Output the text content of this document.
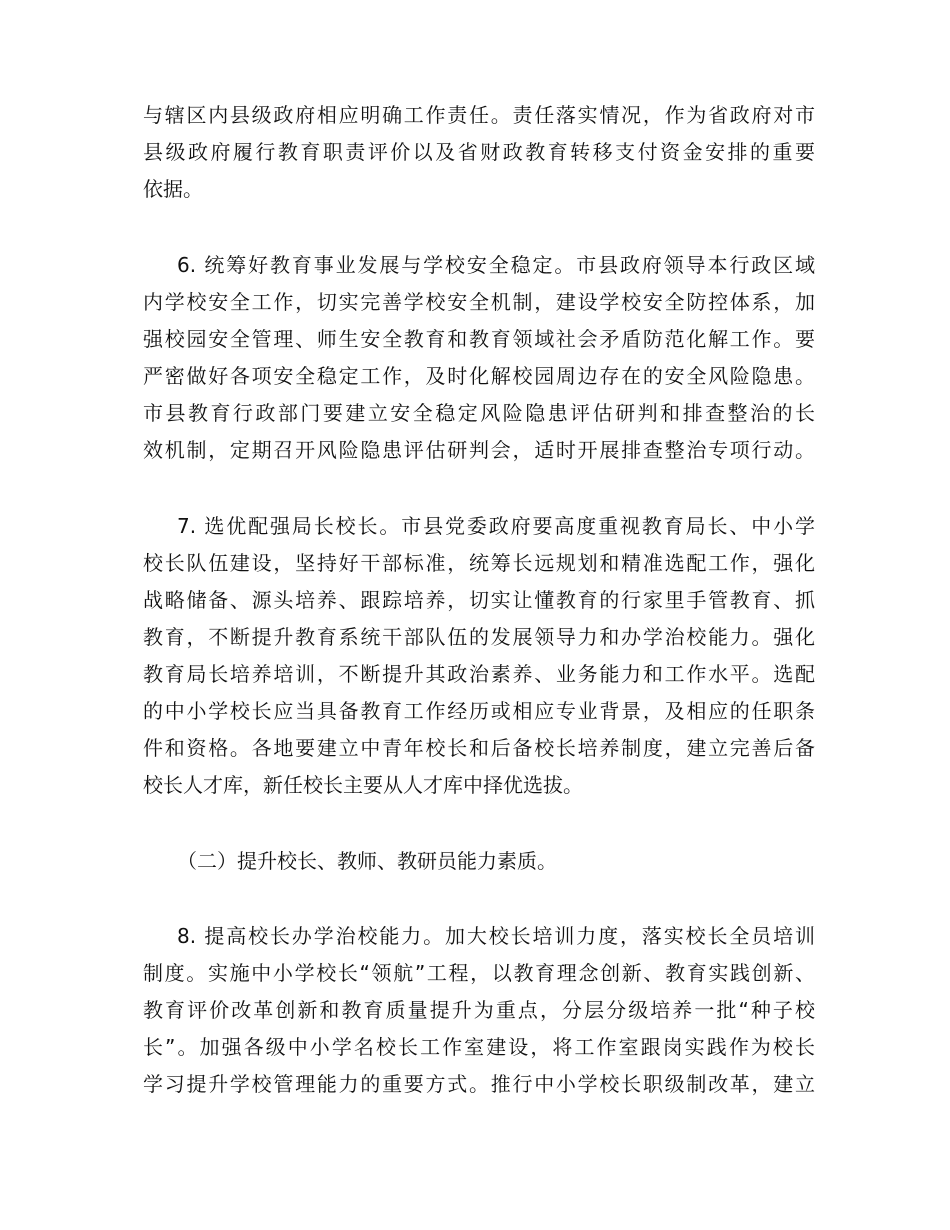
与辖区内县级政府相应明确工作责任。责任落实情况，作为省政府对市
县级政府履行教育职责评价以及省财政教育转移支付资金安排的重要
依据。
6. 统筹好教育事业发展与学校安全稳定。市县政府领导本行政区域
内学校安全工作，切实完善学校安全机制，建设学校安全防控体系，加
强校园安全管理、师生安全教育和教育领域社会矛盾防范化解工作。要
严密做好各项安全稳定工作，及时化解校园周边存在的安全风险隐患。
市县教育行政部门要建立安全稳定风险隐患评估研判和排查整治的长
效机制，定期召开风险隐患评估研判会，适时开展排查整治专项行动。
7. 选优配强局长校长。市县党委政府要高度重视教育局长、中小学
校长队伍建设，坚持好干部标准，统筹长远规划和精准选配工作，强化
战略储备、源头培养、跟踪培养，切实让懂教育的行家里手管教育、抓
教育，不断提升教育系统干部队伍的发展领导力和办学治校能力。强化
教育局长培养培训，不断提升其政治素养、业务能力和工作水平。选配
的中小学校长应当具备教育工作经历或相应专业背景，及相应的任职条
件和资格。各地要建立中青年校长和后备校长培养制度，建立完善后备
校长人才库，新任校长主要从人才库中择优选拔。
（二）提升校长、教师、教研员能力素质。
8. 提高校长办学治校能力。加大校长培训力度，落实校长全员培训
制度。实施中小学校长“领航”工程，以教育理念创新、教育实践创新、
教育评价改革创新和教育质量提升为重点，分层分级培养一批“种子校
长”。加强各级中小学名校长工作室建设，将工作室跟岗实践作为校长
学习提升学校管理能力的重要方式。推行中小学校长职级制改革，建立
